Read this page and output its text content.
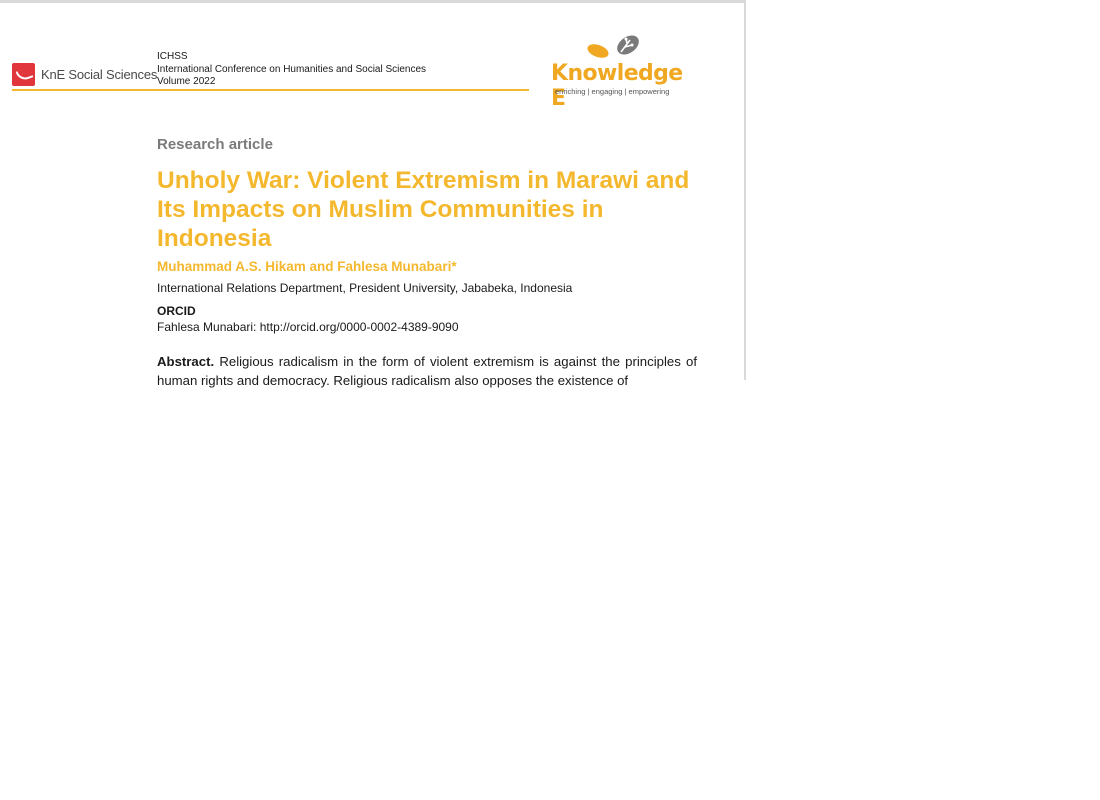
KnE Social Sciences
ICHSS
International Conference on Humanities and Social Sciences
Volume 2022	Knowledge E
enriching | engaging | empowering
Research article
Unholy War: Violent Extremism in Marawi and Its Impacts on Muslim Communities in Indonesia
Muhammad A.S. Hikam and Fahlesa Munabari*
International Relations Department, President University, Jababeka, Indonesia
ORCID
Fahlesa Munabari: http://orcid.org/0000-0002-4389-9090
Abstract. Religious radicalism in the form of violent extremism is against the principles of human rights and democracy. Religious radicalism also opposes the existence of
